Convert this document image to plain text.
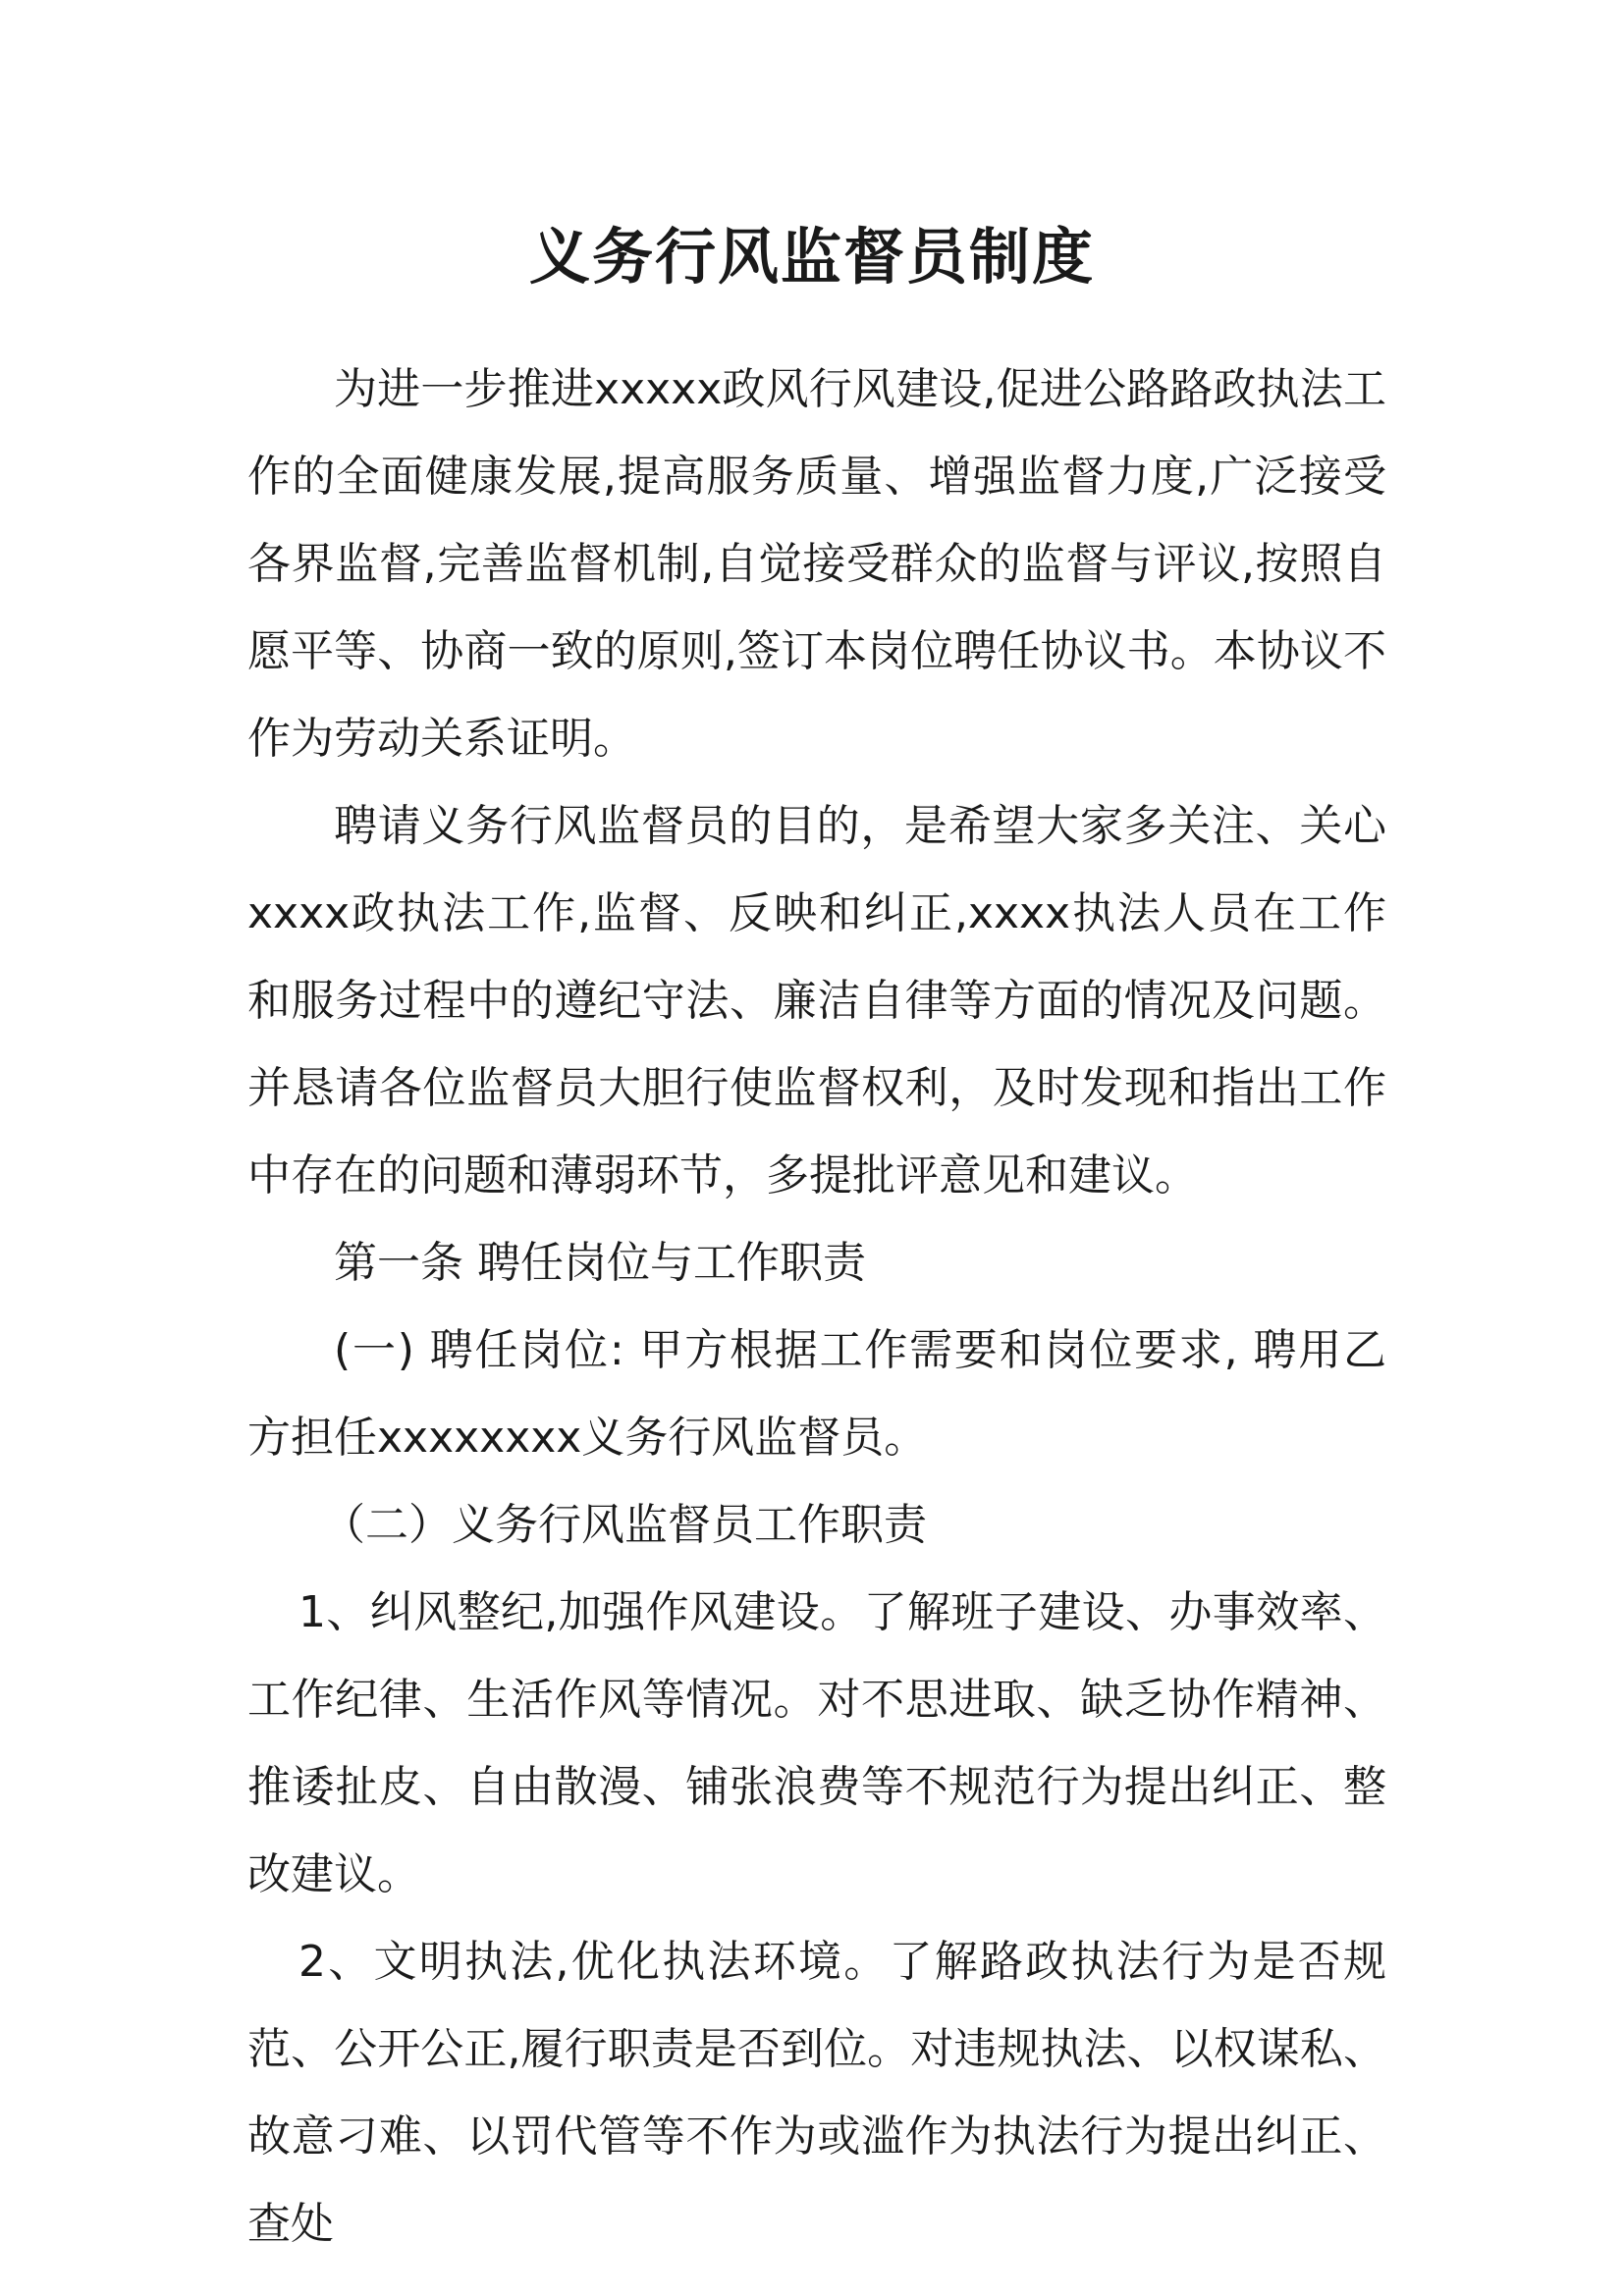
义务行风监督员制度

为进一步推进xxxxx政风行风建设,促进公路路政执法工作的全面健康发展,提高服务质量、增强监督力度,广泛接受各界监督,完善监督机制,自觉接受群众的监督与评议,按照自愿平等、协商一致的原则,签订本岗位聘任协议书。本协议不作为劳动关系证明。

聘请义务行风监督员的目的，是希望大家多关注、关心xxxx政执法工作,监督、反映和纠正,xxxx执法人员在工作和服务过程中的遵纪守法、廉洁自律等方面的情况及问题。并恳请各位监督员大胆行使监督权利，及时发现和指出工作中存在的问题和薄弱环节，多提批评意见和建议。

第一条 聘任岗位与工作职责

(一) 聘任岗位: 甲方根据工作需要和岗位要求, 聘用乙方担任xxxxxxxx义务行风监督员。

（二）义务行风监督员工作职责

1、纠风整纪,加强作风建设。了解班子建设、办事效率、工作纪律、生活作风等情况。对不思进取、缺乏协作精神、推诿扯皮、自由散漫、铺张浪费等不规范行为提出纠正、整改建议。

2、文明执法,优化执法环境。了解路政执法行为是否规范、公开公正,履行职责是否到位。对违规执法、以权谋私、故意刁难、以罚代管等不作为或滥作为执法行为提出纠正、查处
